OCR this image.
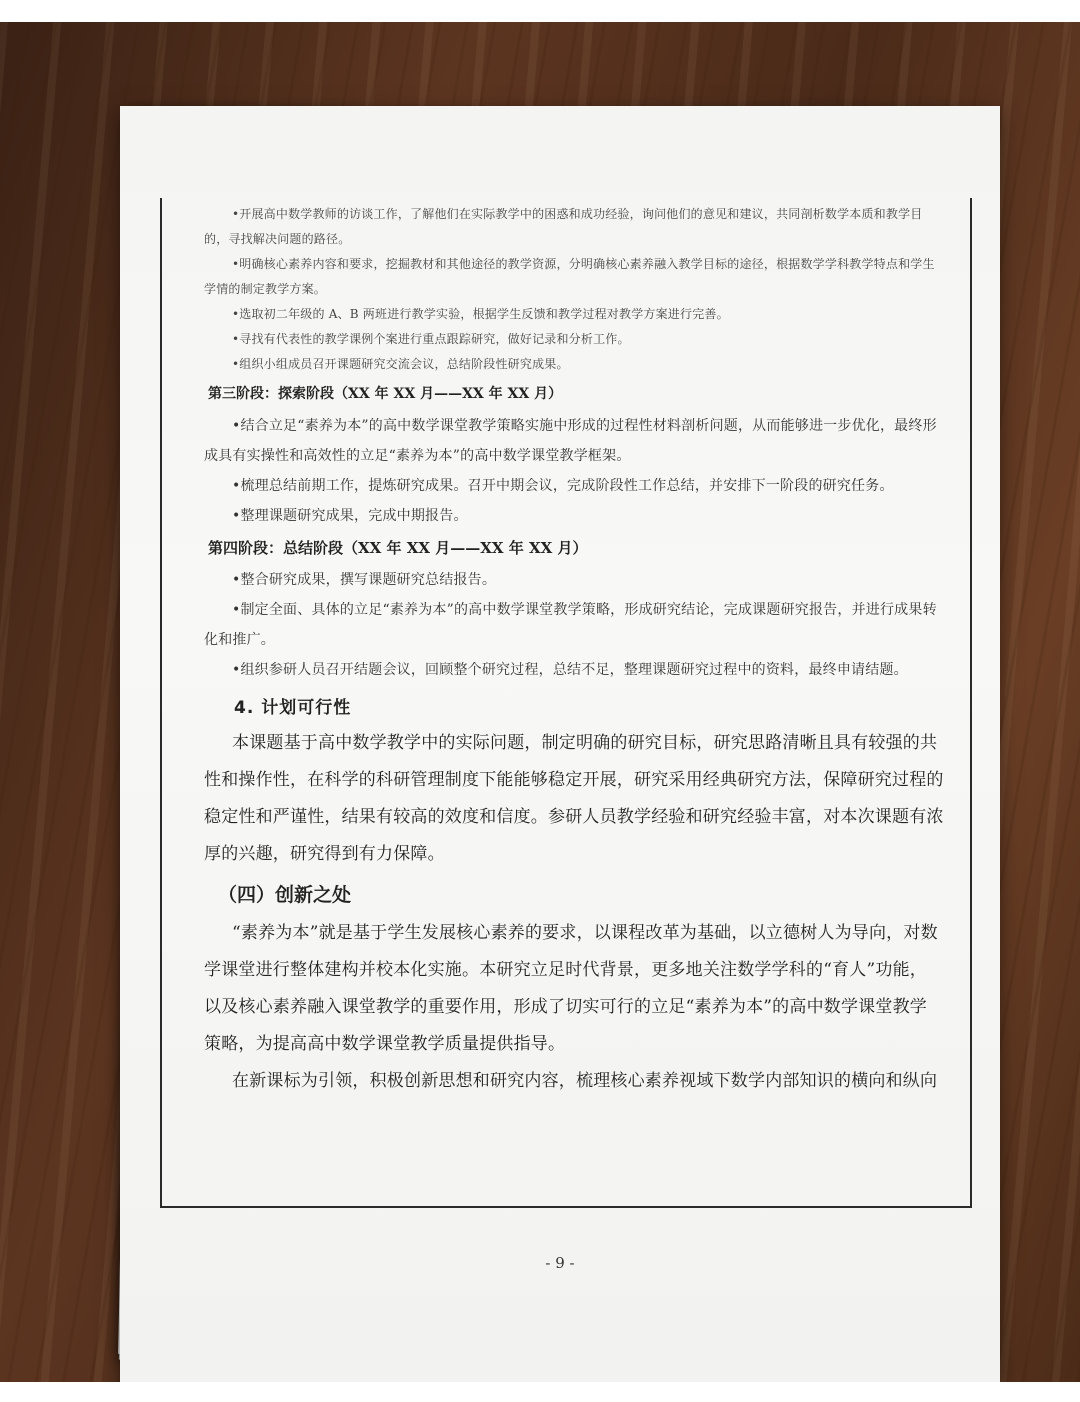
•开展高中数学教师的访谈工作，了解他们在实际教学中的困惑和成功经验，询问他们的意见和建议，共同剖析数学本质和教学目的，寻找解决问题的路径。

•明确核心素养内容和要求，挖掘教材和其他途径的教学资源，分明确核心素养融入教学目标的途径，根据数学学科教学特点和学生学情的制定教学方案。

•选取初二年级的 A、B 两班进行教学实验，根据学生反馈和教学过程对教学方案进行完善。

•寻找有代表性的教学课例个案进行重点跟踪研究，做好记录和分析工作。

•组织小组成员召开课题研究交流会议，总结阶段性研究成果。

第三阶段：探索阶段（XX 年 XX 月——XX 年 XX 月）

•结合立足“素养为本”的高中数学课堂教学策略实施中形成的过程性材料剖析问题，从而能够进一步优化，最终形成具有实操性和高效性的立足“素养为本”的高中数学课堂教学框架。

•梳理总结前期工作，提炼研究成果。召开中期会议，完成阶段性工作总结，并安排下一阶段的研究任务。

•整理课题研究成果，完成中期报告。

第四阶段：总结阶段（XX 年 XX 月——XX 年 XX 月）

•整合研究成果，撰写课题研究总结报告。

•制定全面、具体的立足“素养为本”的高中数学课堂教学策略，形成研究结论，完成课题研究报告，并进行成果转化和推广。

•组织参研人员召开结题会议，回顾整个研究过程，总结不足，整理课题研究过程中的资料，最终申请结题。

4. 计划可行性

本课题基于高中数学教学中的实际问题，制定明确的研究目标，研究思路清晰且具有较强的共性和操作性，在科学的科研管理制度下能能够稳定开展，研究采用经典研究方法，保障研究过程的稳定性和严谨性，结果有较高的效度和信度。参研人员教学经验和研究经验丰富，对本次课题有浓厚的兴趣，研究得到有力保障。

（四）创新之处

“素养为本”就是基于学生发展核心素养的要求，以课程改革为基础，以立德树人为导向，对数学课堂进行整体建构并校本化实施。本研究立足时代背景，更多地关注数学学科的“育人”功能，以及核心素养融入课堂教学的重要作用，形成了切实可行的立足“素养为本”的高中数学课堂教学策略，为提高高中数学课堂教学质量提供指导。

在新课标为引领，积极创新思想和研究内容，梳理核心素养视域下数学内部知识的横向和纵向

- 9 -
